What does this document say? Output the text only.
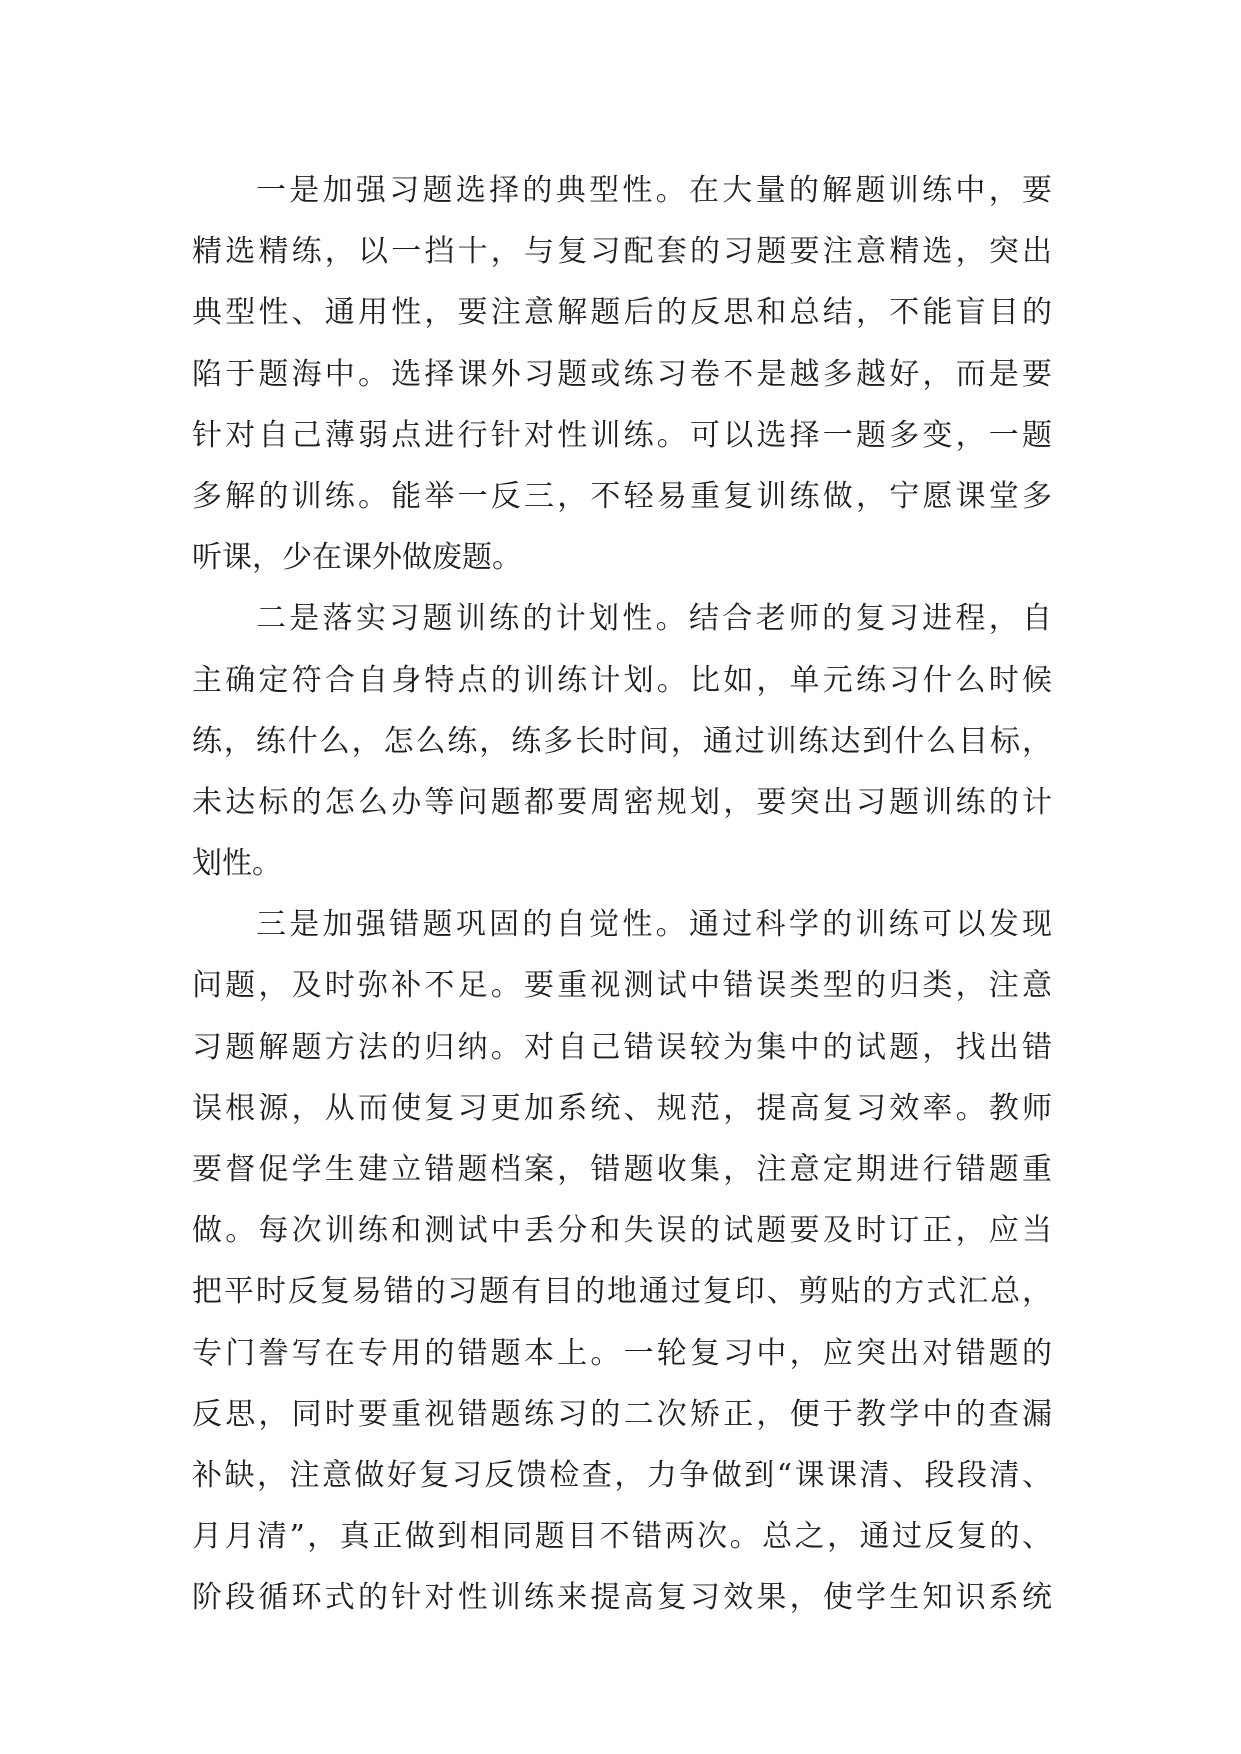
一是加强习题选择的典型性。在大量的解题训练中，要
精选精练，以一挡十，与复习配套的习题要注意精选，突出
典型性、通用性，要注意解题后的反思和总结，不能盲目的
陷于题海中。选择课外习题或练习卷不是越多越好，而是要
针对自己薄弱点进行针对性训练。可以选择一题多变，一题
多解的训练。能举一反三，不轻易重复训练做，宁愿课堂多
听课，少在课外做废题。
二是落实习题训练的计划性。结合老师的复习进程，自
主确定符合自身特点的训练计划。比如，单元练习什么时候
练，练什么，怎么练，练多长时间，通过训练达到什么目标，
未达标的怎么办等问题都要周密规划，要突出习题训练的计
划性。
三是加强错题巩固的自觉性。通过科学的训练可以发现
问题，及时弥补不足。要重视测试中错误类型的归类，注意
习题解题方法的归纳。对自己错误较为集中的试题，找出错
误根源，从而使复习更加系统、规范，提高复习效率。教师
要督促学生建立错题档案，错题收集，注意定期进行错题重
做。每次训练和测试中丢分和失误的试题要及时订正，应当
把平时反复易错的习题有目的地通过复印、剪贴的方式汇总，
专门誊写在专用的错题本上。一轮复习中，应突出对错题的
反思，同时要重视错题练习的二次矫正，便于教学中的查漏
补缺，注意做好复习反馈检查，力争做到“课课清、段段清、
月月清”，真正做到相同题目不错两次。总之，通过反复的、
阶段循环式的针对性训练来提高复习效果，使学生知识系统
